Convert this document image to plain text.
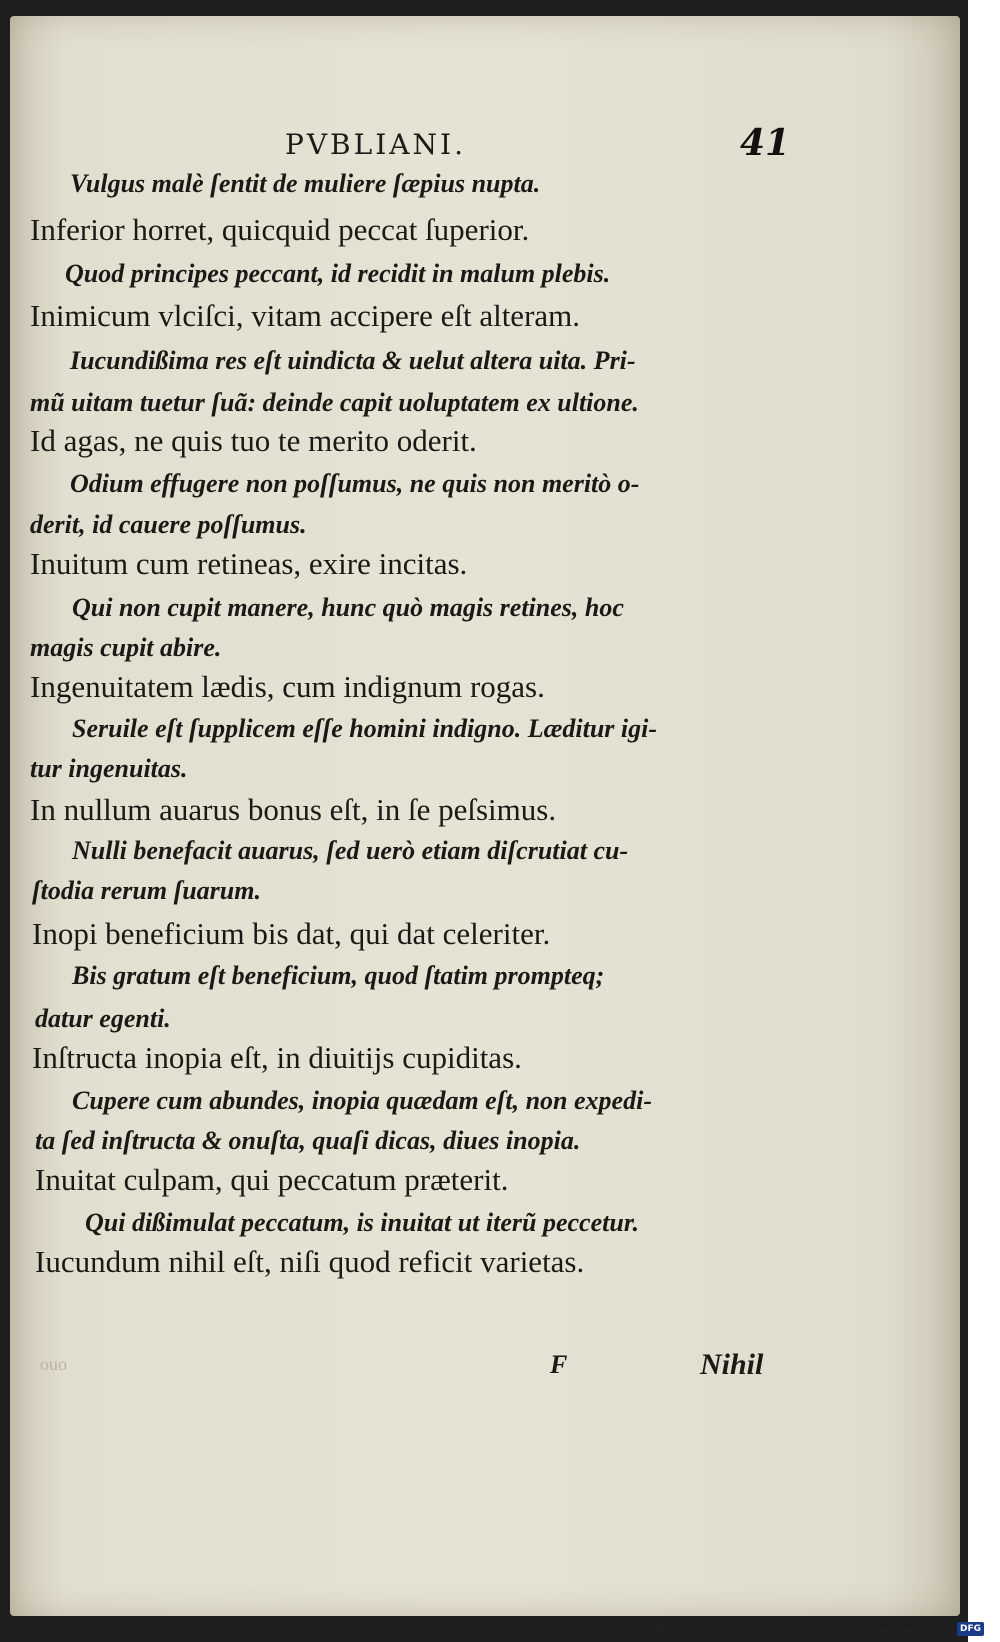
PVBLIANI.	41
Vulgus malè ſentit de muliere ſæpius nupta.
Inferior horret, quicquid peccat ſuperior.
Quod principes peccant, id recidit in malum plebis.
Inimicum vlciſci, vitam accipere eſt alteram.
Iucundißima res eſt uindicta & uelut altera uita. Pri-
mũ uitam tuetur ſuã: deinde capit uoluptatem ex ultione.
Id agas, ne quis tuo te merito oderit.
Odium effugere non poſſumus, ne quis non meritò o-
derit, id cauere poſſumus.
Inuitum cum retineas, exire incitas.
Qui non cupit manere, hunc quò magis retines, hoc
magis cupit abire.
Ingenuitatem lædis, cum indignum rogas.
Seruile eſt ſupplicem eſſe homini indigno. Læditur igi-
tur ingenuitas.
In nullum auarus bonus eſt, in ſe peſsimus.
Nulli benefacit auarus, ſed uerò etiam diſcrutiat cu-
ſtodia rerum ſuarum.
Inopi beneficium bis dat, qui dat celeriter.
Bis gratum eſt beneficium, quod ſtatim prompteq;
datur egenti.
Inſtructa inopia eſt, in diuitijs cupiditas.
Cupere cum abundes, inopia quædam eſt, non expedi-
ta ſed inſtructa & onuſta, quaſi dicas, diues inopia.
Inuitat culpam, qui peccatum præterit.
Qui dißimulat peccatum, is inuitat ut iterũ peccetur.
Iucundum nihil eſt, niſi quod reficit varietas.
F	Nihil
ouo
Digitalisierung gefördert durch die Deutsche Forschungsgemeinschaft -	DFG
